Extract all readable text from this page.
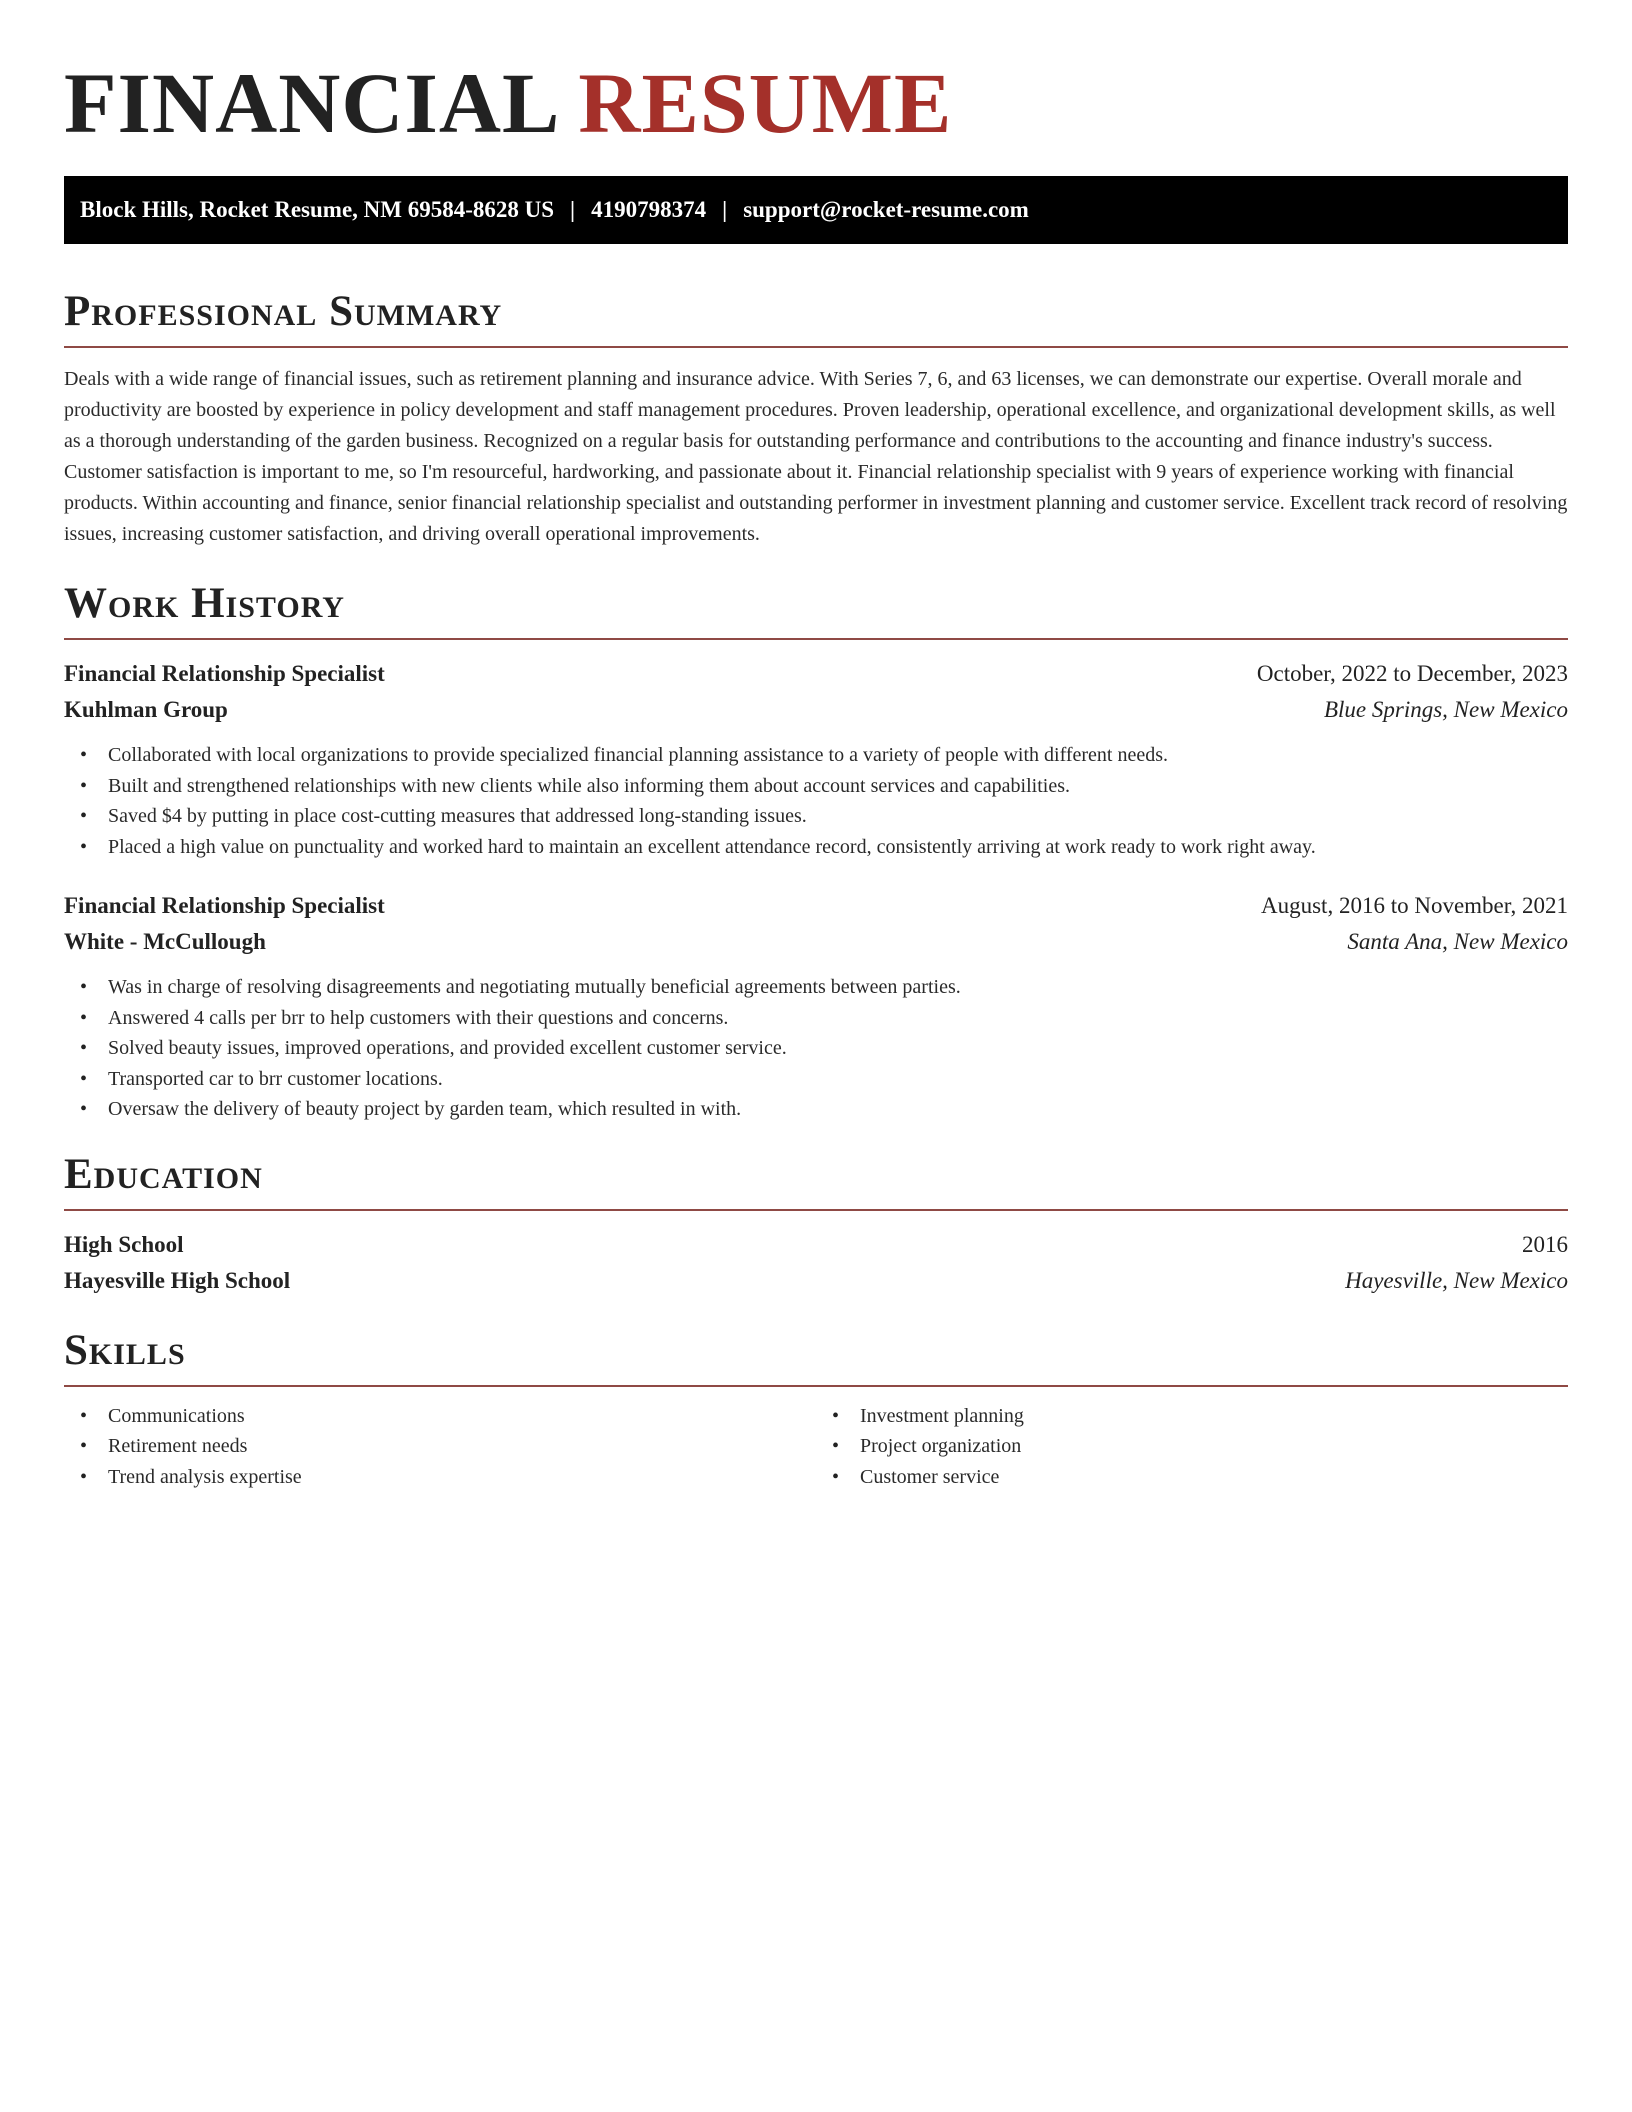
FINANCIAL RESUME
Block Hills, Rocket Resume, NM 69584-8628 US | 4190798374 | support@rocket-resume.com
Professional Summary

Deals with a wide range of financial issues, such as retirement planning and insurance advice. With Series 7, 6, and 63 licenses, we can demonstrate our expertise. Overall morale and productivity are boosted by experience in policy development and staff management procedures. Proven leadership, operational excellence, and organizational development skills, as well as a thorough understanding of the garden business. Recognized on a regular basis for outstanding performance and contributions to the accounting and finance industry's success. Customer satisfaction is important to me, so I'm resourceful, hardworking, and passionate about it. Financial relationship specialist with 9 years of experience working with financial products. Within accounting and finance, senior financial relationship specialist and outstanding performer in investment planning and customer service. Excellent track record of resolving issues, increasing customer satisfaction, and driving overall operational improvements.

Work History
Financial Relationship Specialist	October, 2022 to December, 2023
Kuhlman Group	Blue Springs, New Mexico
• Collaborated with local organizations to provide specialized financial planning assistance to a variety of people with different needs.
• Built and strengthened relationships with new clients while also informing them about account services and capabilities.
• Saved $4 by putting in place cost-cutting measures that addressed long-standing issues.
• Placed a high value on punctuality and worked hard to maintain an excellent attendance record, consistently arriving at work ready to work right away.
Financial Relationship Specialist	August, 2016 to November, 2021
White - McCullough	Santa Ana, New Mexico
• Was in charge of resolving disagreements and negotiating mutually beneficial agreements between parties.
• Answered 4 calls per brr to help customers with their questions and concerns.
• Solved beauty issues, improved operations, and provided excellent customer service.
• Transported car to brr customer locations.
• Oversaw the delivery of beauty project by garden team, which resulted in with.
Education
High School	2016
Hayesville High School	Hayesville, New Mexico
Skills
• Communications
• Retirement needs
• Trend analysis expertise
• Investment planning
• Project organization
• Customer service
